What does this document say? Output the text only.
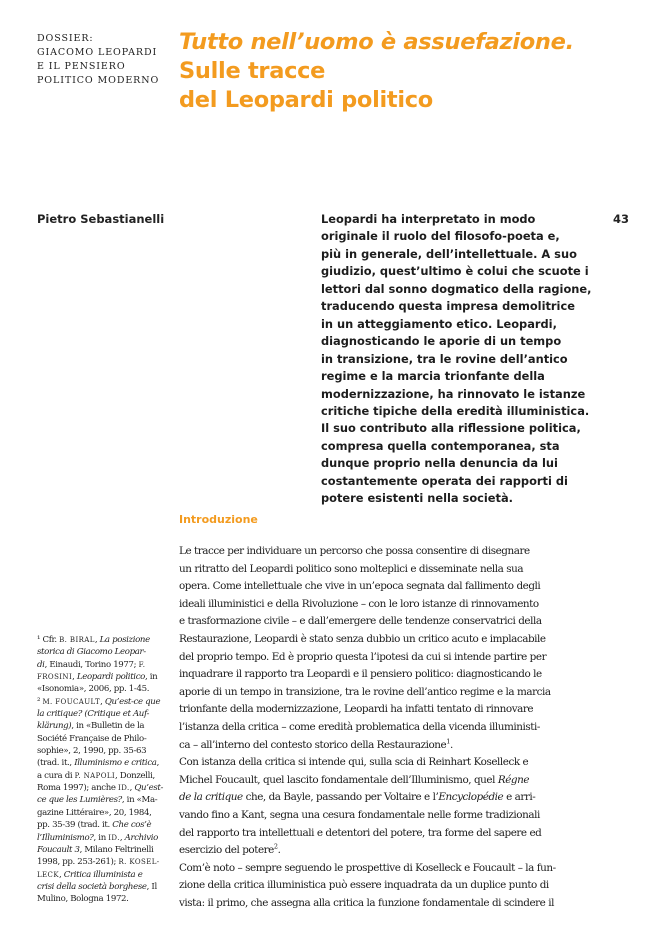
DOSSIER:
GIACOMO LEOPARDI
E IL PENSIERO
POLITICO MODERNO
Tutto nell’uomo è assuefazione.
Sulle tracce
del Leopardi politico
Pietro Sebastianelli	43
Leopardi ha interpretato in modo
originale il ruolo del filosofo-poeta e,
più in generale, dell’intellettuale. A suo
giudizio, quest’ultimo è colui che scuote i
lettori dal sonno dogmatico della ragione,
traducendo questa impresa demolitrice
in un atteggiamento etico. Leopardi,
diagnosticando le aporie di un tempo
in transizione, tra le rovine dell’antico
regime e la marcia trionfante della
modernizzazione, ha rinnovato le istanze
critiche tipiche della eredità illuministica.
Il suo contributo alla riflessione politica,
compresa quella contemporanea, sta
dunque proprio nella denuncia da lui
costantemente operata dei rapporti di
potere esistenti nella società.
Introduzione
Le tracce per individuare un percorso che possa consentire di disegnare
un ritratto del Leopardi politico sono molteplici e disseminate nella sua
opera. Come intellettuale che vive in un’epoca segnata dal fallimento degli
ideali illuministici e della Rivoluzione – con le loro istanze di rinnovamento
e trasformazione civile – e dall’emergere delle tendenze conservatrici della
Restaurazione, Leopardi è stato senza dubbio un critico acuto e implacabile
del proprio tempo. Ed è proprio questa l’ipotesi da cui si intende partire per
inquadrare il rapporto tra Leopardi e il pensiero politico: diagnosticando le
aporie di un tempo in transizione, tra le rovine dell’antico regime e la marcia
trionfante della modernizzazione, Leopardi ha infatti tentato di rinnovare
l’istanza della critica – come eredità problematica della vicenda illuministi-
ca – all’interno del contesto storico della Restaurazione$^1$.
Con istanza della critica si intende qui, sulla scia di Reinhart Koselleck e
Michel Foucault, quel lascito fondamentale dell’Illuminismo, quel Régne
de la critique che, da Bayle, passando per Voltaire e l’Encyclopédie e arri-
vando fino a Kant, segna una cesura fondamentale nelle forme tradizionali
del rapporto tra intellettuali e detentori del potere, tra forme del sapere ed
esercizio del potere$^2$.
Com’è noto – sempre seguendo le prospettive di Koselleck e Foucault – la fun-
zione della critica illuministica può essere inquadrata da un duplice punto di
vista: il primo, che assegna alla critica la funzione fondamentale di scindere il
¹ Cfr. B. BIRAL, La posizione
storica di Giacomo Leopar-
di, Einaudi, Torino 1977; F.
FROSINI, Leopardi politico, in
«Isonomia», 2006, pp. 1-45.
² M. FOUCAULT, Qu’est-ce que
la critique? (Critique et Auf-
klärung), in «Bulletin de la
Société Française de Philo-
sophie», 2, 1990, pp. 35-63
(trad. it., Illuminismo e critica,
a cura di P. NAPOLI, Donzelli,
Roma 1997); anche ID., Qu’est-
ce que les Lumières?, in «Ma-
gazine Littéraire», 20, 1984,
pp. 35-39 (trad. it. Che cos’è
l’Illuminismo?, in ID., Archivio
Foucault 3, Milano Feltrinelli
1998, pp. 253-261); R. KOSEL-
LECK, Critica illuminista e
crisi della società borghese, Il
Mulino, Bologna 1972.
